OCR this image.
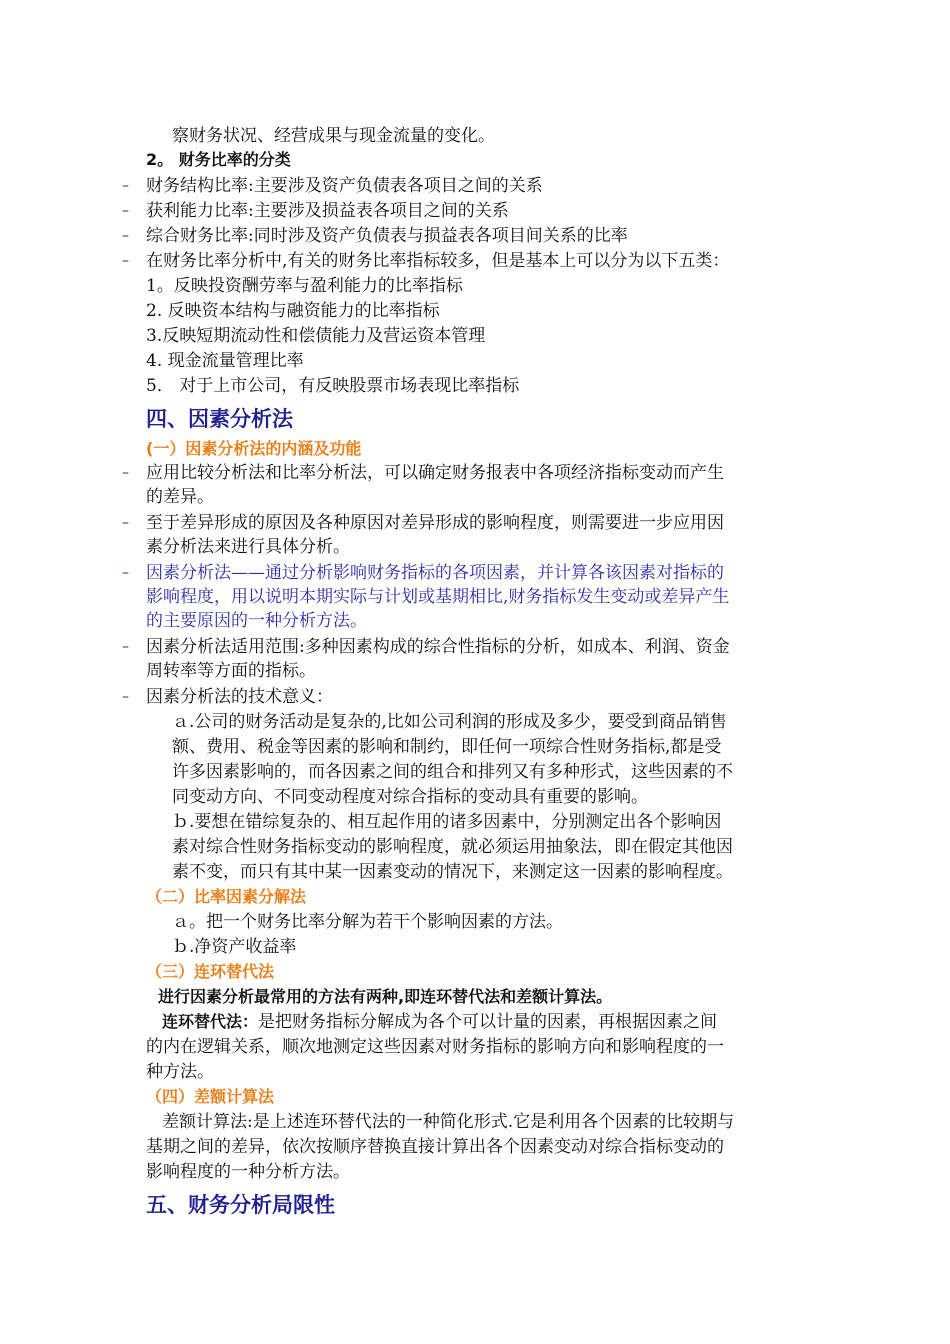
察财务状况、经营成果与现金流量的变化。
2。 财务比率的分类
–	财务结构比率:主要涉及资产负债表各项目之间的关系
–	获利能力比率:主要涉及损益表各项目之间的关系
–	综合财务比率:同时涉及资产负债表与损益表各项目间关系的比率
–	在财务比率分析中,有关的财务比率指标较多，但是基本上可以分为以下五类：
1。反映投资酬劳率与盈利能力的比率指标
2. 反映资本结构与融资能力的比率指标
3.反映短期流动性和偿债能力及营运资本管理
4. 现金流量管理比率
5． 对于上市公司，有反映股票市场表现比率指标
四、因素分析法
(一）因素分析法的内涵及功能
–	应用比较分析法和比率分析法，可以确定财务报表中各项经济指标变动而产生
的差异。
–	至于差异形成的原因及各种原因对差异形成的影响程度，则需要进一步应用因
素分析法来进行具体分析。
–	因素分析法——通过分析影响财务指标的各项因素，并计算各该因素对指标的
影响程度，用以说明本期实际与计划或基期相比,财务指标发生变动或差异产生
的主要原因的一种分析方法。
–	因素分析法适用范围:多种因素构成的综合性指标的分析，如成本、利润、资金
周转率等方面的指标。
–	因素分析法的技术意义：
ａ.公司的财务活动是复杂的,比如公司利润的形成及多少，要受到商品销售
额、费用、税金等因素的影响和制约，即任何一项综合性财务指标,都是受
许多因素影响的，而各因素之间的组合和排列又有多种形式，这些因素的不
同变动方向、不同变动程度对综合指标的变动具有重要的影响。
ｂ.要想在错综复杂的、相互起作用的诸多因素中，分别测定出各个影响因
素对综合性财务指标变动的影响程度，就必须运用抽象法，即在假定其他因
素不变，而只有其中某一因素变动的情况下，来测定这一因素的影响程度。
（二）比率因素分解法
ａ。把一个财务比率分解为若干个影响因素的方法。
ｂ.净资产收益率
（三）连环替代法
进行因素分析最常用的方法有两种,即连环替代法和差额计算法。
连环替代法：是把财务指标分解成为各个可以计量的因素，再根据因素之间
的内在逻辑关系，顺次地测定这些因素对财务指标的影响方向和影响程度的一
种方法。
（四）差额计算法
差额计算法:是上述连环替代法的一种简化形式.它是利用各个因素的比较期与
基期之间的差异，依次按顺序替换直接计算出各个因素变动对综合指标变动的
影响程度的一种分析方法。
五、财务分析局限性
